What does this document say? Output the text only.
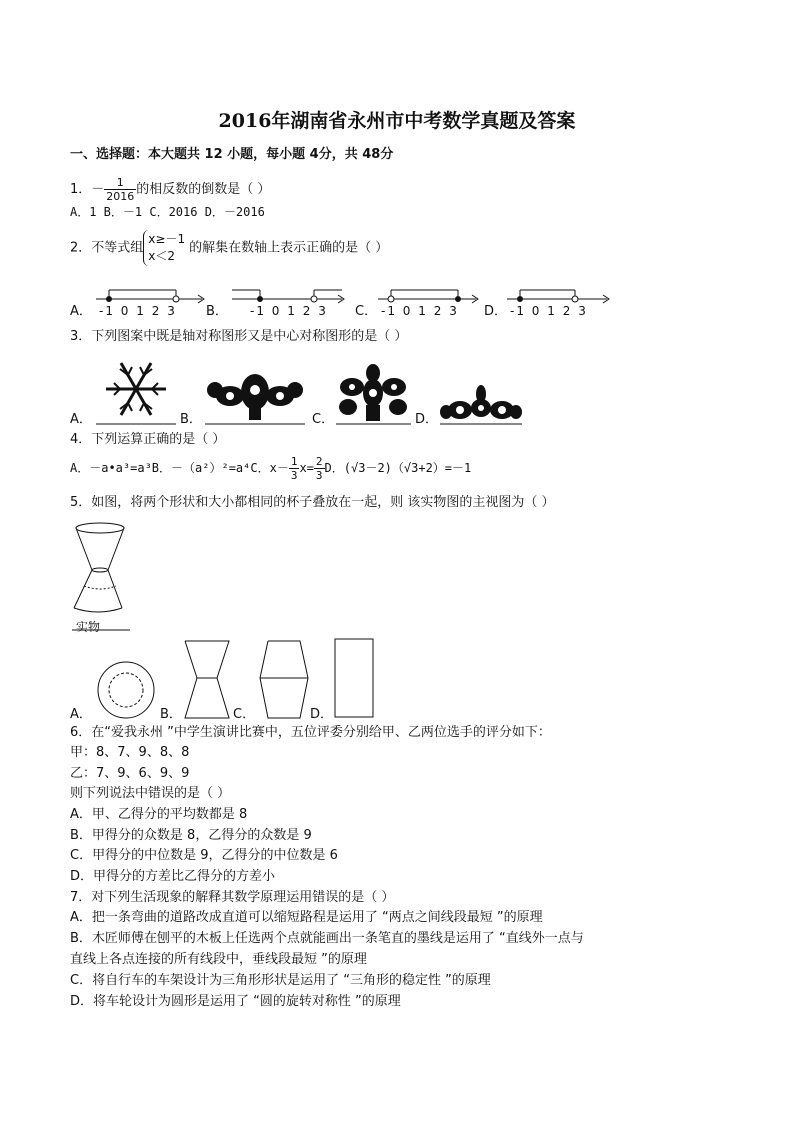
2016年湖南省永州市中考数学真题及答案
一、选择题：本大题共 12 小题，每小题 4分，共 48分
1．－ $\frac{1}{2016}$ 的相反数的倒数是（ ）
A．1 B．－1 C．2016 D．－2016
2．不等式组
x≥－1
x＜2
的解集在数轴上表示正确的是（ ）
A．	B．	C．	D．
-1 0 1 2 3	-1 0 1 2 3	-1 0 1 2 3	-1 0 1 2 3
3．下列图案中既是轴对称图形又是中心对称图形的是（ ）
A．	B．	C．	D．
4．下列运算正确的是（ ）
A．－a•a³=a³B．－（a²）²=a⁴C．$x- \frac{1}{3} x= \frac{2}{3}$ D．(√3－2)（√3+2）=－1
5．如图，将两个形状和大小都相同的杯子叠放在一起，则 该实物图的主视图为（ ）
实物
A．	B．	C．	D．
6．在“爱我永州 ”中学生演讲比赛中，五位评委分别给甲、乙两位选手的评分如下：
甲：8、7、9、8、8
乙：7、9、6、9、9
则下列说法中错误的是（ ）
A．甲、乙得分的平均数都是 8
B．甲得分的众数是 8，乙得分的众数是 9
C．甲得分的中位数是 9，乙得分的中位数是 6
D．甲得分的方差比乙得分的方差小
7．对下列生活现象的解释其数学原理运用错误的是（ ）
A．把一条弯曲的道路改成直道可以缩短路程是运用了 “两点之间线段最短 ”的原理
B．木匠师傅在刨平的木板上任选两个点就能画出一条笔直的墨线是运用了 “直线外一点与
直线上各点连接的所有线段中，垂线段最短 ”的原理
C．将自行车的车架设计为三角形形状是运用了 “三角形的稳定性 ”的原理
D．将车轮设计为圆形是运用了 “圆的旋转对称性 ”的原理
